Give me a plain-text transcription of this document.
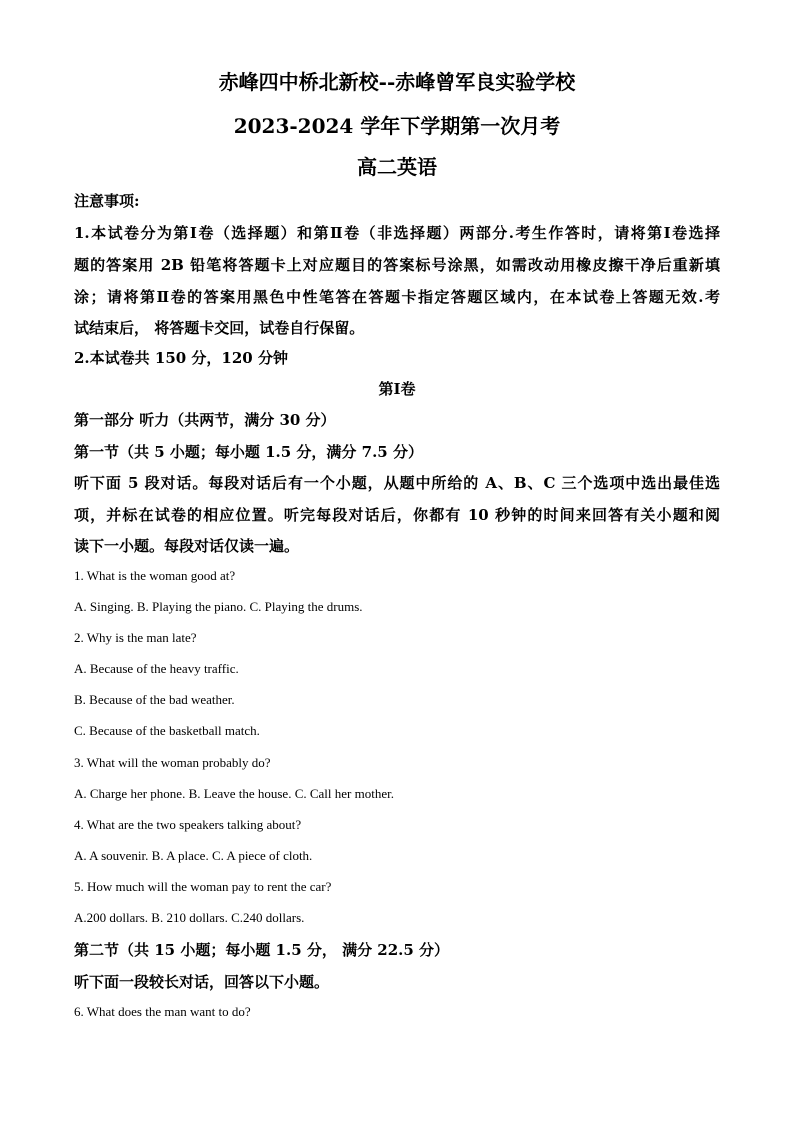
赤峰四中桥北新校--赤峰曾军良实验学校
2023-2024 学年下学期第一次月考
高二英语
注意事项:
1.本试卷分为第Ⅰ卷（选择题）和第Ⅱ卷（非选择题）两部分.考生作答时，请将第Ⅰ卷选择
题的答案用 2B 铅笔将答题卡上对应题目的答案标号涂黑，如需改动用橡皮擦干净后重新填
涂；请将第Ⅱ卷的答案用黑色中性笔答在答题卡指定答题区域内，在本试卷上答题无效.考
试结束后， 将答题卡交回，试卷自行保留。
2.本试卷共 150 分，120 分钟
第Ⅰ卷
第一部分 听力（共两节，满分 30 分）
第一节（共 5 小题；每小题 1.5 分，满分 7.5 分）
听下面 5 段对话。每段对话后有一个小题，从题中所给的 A、B、C 三个选项中选出最佳选
项，并标在试卷的相应位置。听完每段对话后，你都有 10 秒钟的时间来回答有关小题和阅
读下一小题。每段对话仅读一遍。
1. What is the woman good at?
A. Singing. B. Playing the piano. C. Playing the drums.
2. Why is the man late?
A. Because of the heavy traffic.
B. Because of the bad weather.
C. Because of the basketball match.
3. What will the woman probably do?
A. Charge her phone. B. Leave the house. C. Call her mother.
4. What are the two speakers talking about?
A. A souvenir. B. A place. C. A piece of cloth.
5. How much will the woman pay to rent the car?
A.200 dollars. B. 210 dollars. C.240 dollars.
第二节（共 15 小题；每小题 1.5 分， 满分 22.5 分）
听下面一段较长对话，回答以下小题。
6. What does the man want to do?
